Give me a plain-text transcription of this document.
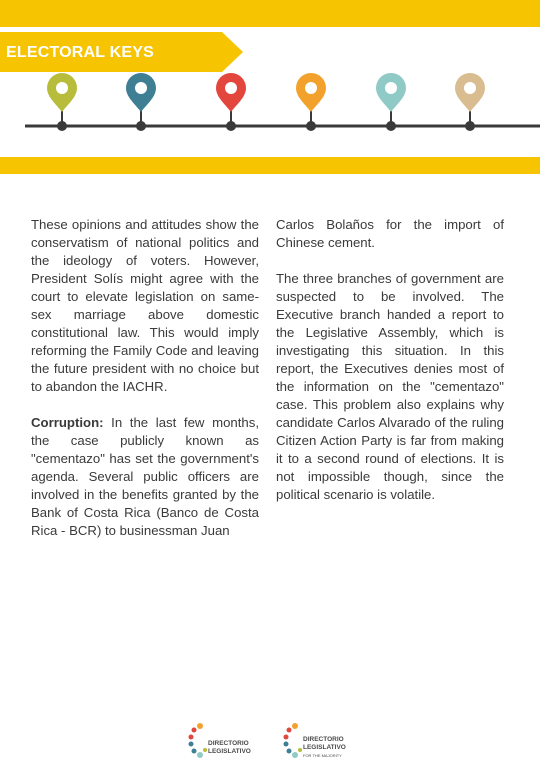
ELECTORAL KEYS

These opinions and attitudes show the conservatism of national politics and the ideology of voters. However, President Solís might agree with the court to elevate legislation on same-sex marriage above domestic constitutional law. This would imply reforming the Family Code and leaving the future president with no choice but to abandon the IACHR.

Corruption: In the last few months, the case publicly known as "cementazo" has set the government's agenda. Several public officers are involved in the benefits granted by the Bank of Costa Rica (Banco de Costa Rica - BCR) to businessman Juan

Carlos Bolaños for the import of Chinese cement.

The three branches of government are suspected to be involved. The Executive branch handed a report to the Legislative Assembly, which is investigating this situation. In this report, the Executives denies most of the information on the "cementazo" case. This problem also explains why candidate Carlos Alvarado of the ruling Citizen Action Party is far from making it to a second round of elections. It is not impossible though, since the political scenario is volatile.

DIRECTORIO
LEGISLATIVO
DIRECTORIO
LEGISLATIVO
FOR THE MAJORITY
